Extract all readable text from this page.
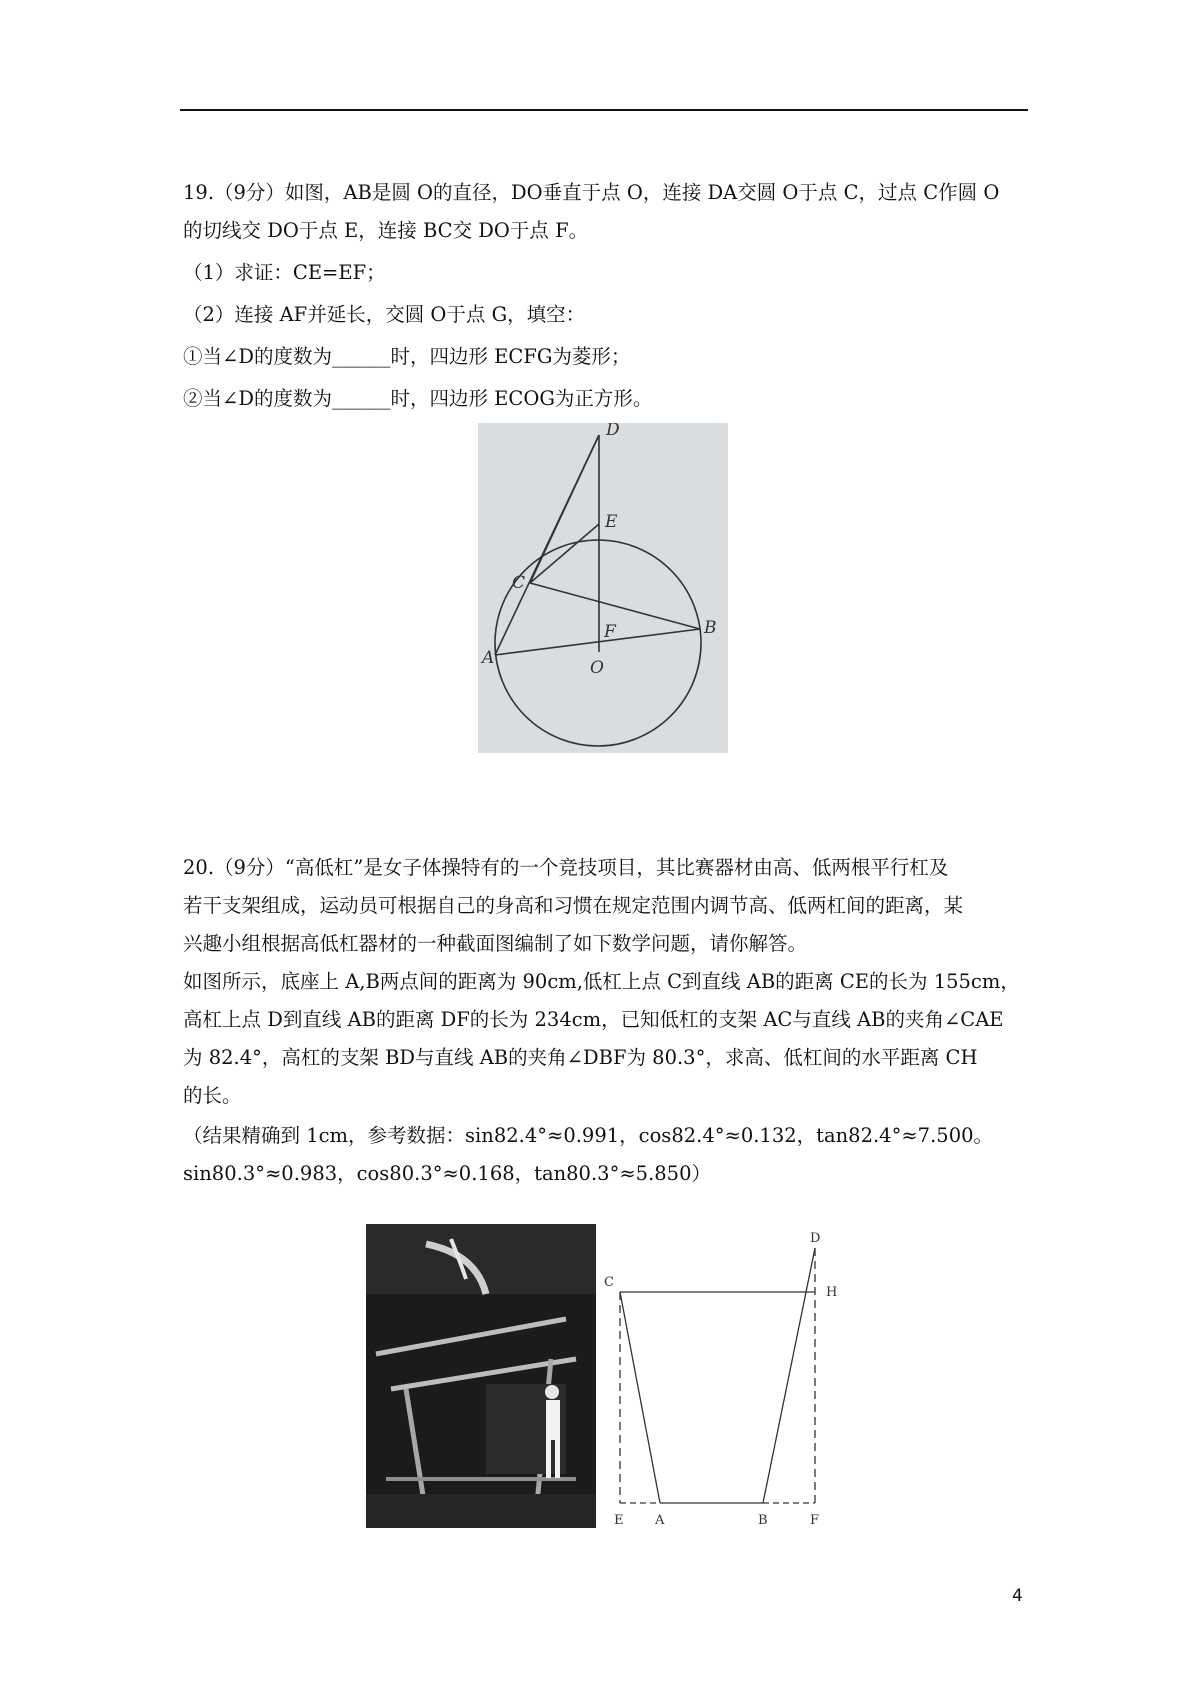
19.（9分）如图，AB是圆 O的直径，DO垂直于点 O，连接 DA交圆 O于点 C，过点 C作圆 O
的切线交 DO于点 E，连接 BC交 DO于点 F。
（1）求证：CE=EF；
（2）连接 AF并延长，交圆 O于点 G，填空：
①当∠D的度数为______时，四边形 ECFG为菱形；
②当∠D的度数为______时，四边形 ECOG为正方形。
D
E
C
F	B
A	O
20.（9分）“高低杠”是女子体操特有的一个竞技项目，其比赛器材由高、低两根平行杠及
若干支架组成，运动员可根据自己的身高和习惯在规定范围内调节高、低两杠间的距离，某
兴趣小组根据高低杠器材的一种截面图编制了如下数学问题，请你解答。
如图所示，底座上 A,B两点间的距离为 90cm,低杠上点 C到直线 AB的距离 CE的长为 155cm，
高杠上点 D到直线 AB的距离 DF的长为 234cm，已知低杠的支架 AC与直线 AB的夹角∠CAE
为 82.4°，高杠的支架 BD与直线 AB的夹角∠DBF为 80.3°，求高、低杠间的水平距离 CH
的长。
（结果精确到 1cm，参考数据：sin82.4°≈0.991，cos82.4°≈0.132，tan82.4°≈7.500。
sin80.3°≈0.983，cos80.3°≈0.168，tan80.3°≈5.850）
D
C
H
E A	B	F
4
